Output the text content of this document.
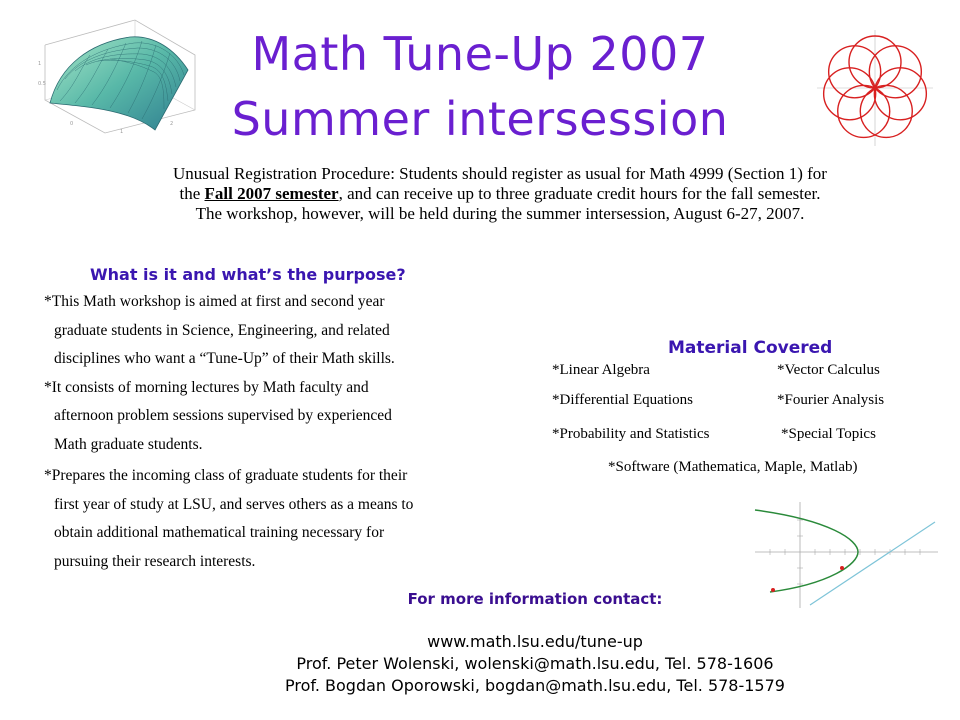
Math Tune-Up 2007
Summer intersession
1
0.5
0
1
2
Unusual Registration Procedure: Students should register as usual for Math 4999 (Section 1) for
the Fall 2007 semester, and can receive up to three graduate credit hours for the fall semester.
The workshop, however, will be held during the summer intersession, August 6-27, 2007.
What is it and what’s the purpose?
*This Math workshop is aimed at first and second year
graduate students in Science, Engineering, and related
disciplines who want a “Tune-Up” of their Math skills.
*It consists of morning lectures by Math faculty and
afternoon problem sessions supervised by experienced
Math graduate students.
*Prepares the incoming class of graduate students for their
first year of study at LSU, and serves others as a means to
obtain additional mathematical training necessary for
pursuing their research interests.
Material Covered
*Linear Algebra	*Vector Calculus
*Differential Equations	*Fourier Analysis
*Probability and Statistics	*Special Topics
*Software (Mathematica, Maple, Matlab)
For more information contact:
www.math.lsu.edu/tune-up
Prof. Peter Wolenski, wolenski@math.lsu.edu, Tel. 578-1606
Prof. Bogdan Oporowski, bogdan@math.lsu.edu, Tel. 578-1579
